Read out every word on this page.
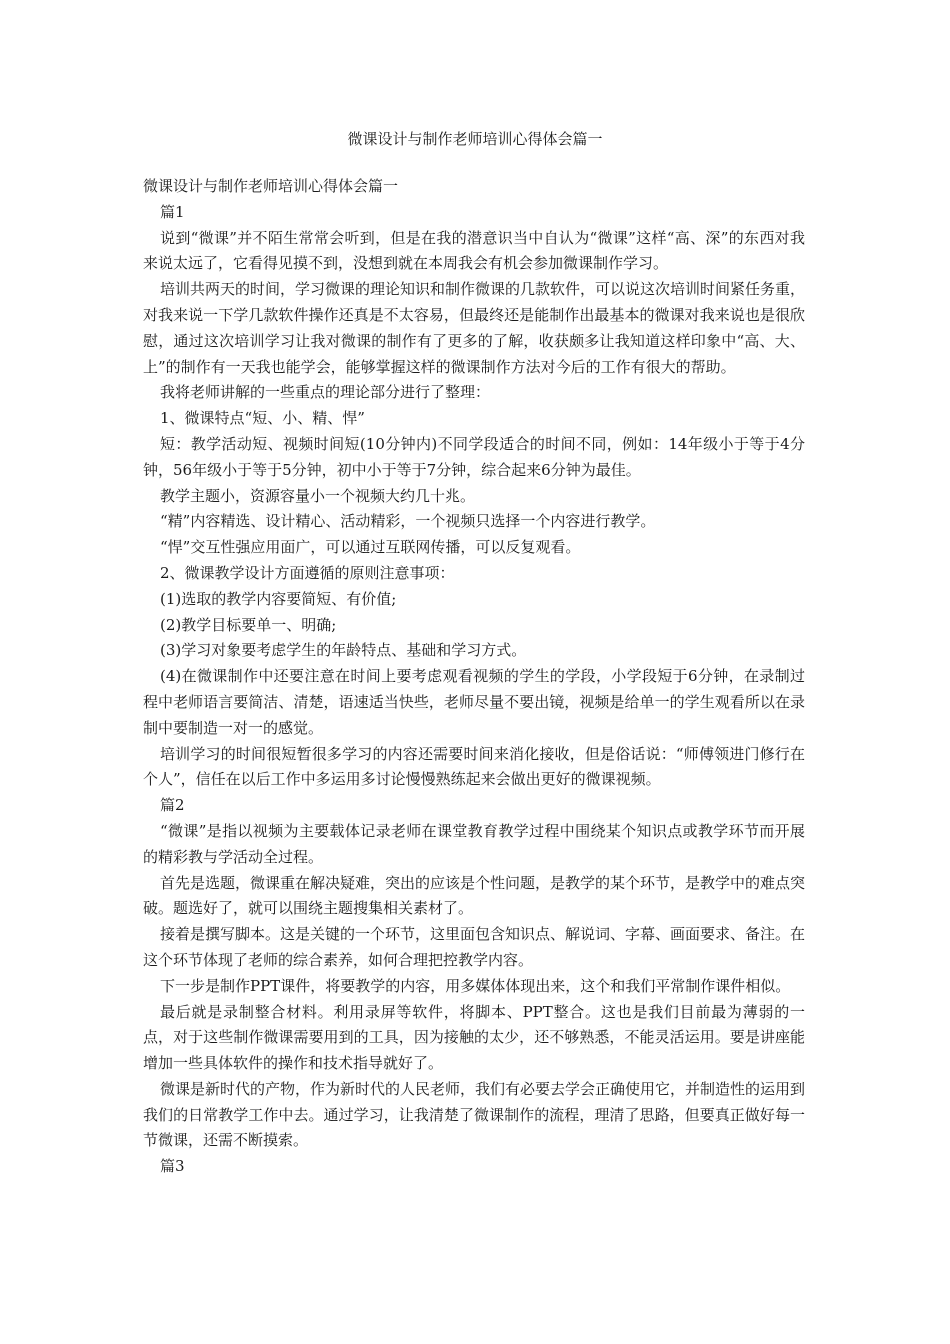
微课设计与制作老师培训心得体会篇一

微课设计与制作老师培训心得体会篇一

篇1

说到“微课”并不陌生常常会听到，但是在我的潜意识当中自认为“微课”这样“高、深”的东西对我来说太远了，它看得见摸不到，没想到就在本周我会有机会参加微课制作学习。

培训共两天的时间，学习微课的理论知识和制作微课的几款软件，可以说这次培训时间紧任务重，对我来说一下学几款软件操作还真是不太容易，但最终还是能制作出最基本的微课对我来说也是很欣慰，通过这次培训学习让我对微课的制作有了更多的了解，收获颇多让我知道这样印象中“高、大、上”的制作有一天我也能学会，能够掌握这样的微课制作方法对今后的工作有很大的帮助。

我将老师讲解的一些重点的理论部分进行了整理：

1、微课特点“短、小、精、悍”

短：教学活动短、视频时间短(10分钟内)不同学段适合的时间不同，例如：14年级小于等于4分钟，56年级小于等于5分钟，初中小于等于7分钟，综合起来6分钟为最佳。

教学主题小，资源容量小一个视频大约几十兆。

“精”内容精选、设计精心、活动精彩，一个视频只选择一个内容进行教学。

“悍”交互性强应用面广，可以通过互联网传播，可以反复观看。

2、微课教学设计方面遵循的原则注意事项：

(1)选取的教学内容要简短、有价值;

(2)教学目标要单一、明确;

(3)学习对象要考虑学生的年龄特点、基础和学习方式。

(4)在微课制作中还要注意在时间上要考虑观看视频的学生的学段，小学段短于6分钟，在录制过程中老师语言要简洁、清楚，语速适当快些，老师尽量不要出镜，视频是给单一的学生观看所以在录制中要制造一对一的感觉。

培训学习的时间很短暂很多学习的内容还需要时间来消化接收，但是俗话说：“师傅领进门修行在个人”，信任在以后工作中多运用多讨论慢慢熟练起来会做出更好的微课视频。

篇2

“微课”是指以视频为主要载体记录老师在课堂教育教学过程中围绕某个知识点或教学环节而开展的精彩教与学活动全过程。

首先是选题，微课重在解决疑难，突出的应该是个性问题，是教学的某个环节，是教学中的难点突破。题选好了，就可以围绕主题搜集相关素材了。

接着是撰写脚本。这是关键的一个环节，这里面包含知识点、解说词、字幕、画面要求、备注。在这个环节体现了老师的综合素养，如何合理把控教学内容。

下一步是制作PPT课件，将要教学的内容，用多媒体体现出来，这个和我们平常制作课件相似。

最后就是录制整合材料。利用录屏等软件，将脚本、PPT整合。这也是我们目前最为薄弱的一点，对于这些制作微课需要用到的工具，因为接触的太少，还不够熟悉，不能灵活运用。要是讲座能增加一些具体软件的操作和技术指导就好了。

微课是新时代的产物，作为新时代的人民老师，我们有必要去学会正确使用它，并制造性的运用到我们的日常教学工作中去。通过学习，让我清楚了微课制作的流程，理清了思路，但要真正做好每一节微课，还需不断摸索。

篇3
